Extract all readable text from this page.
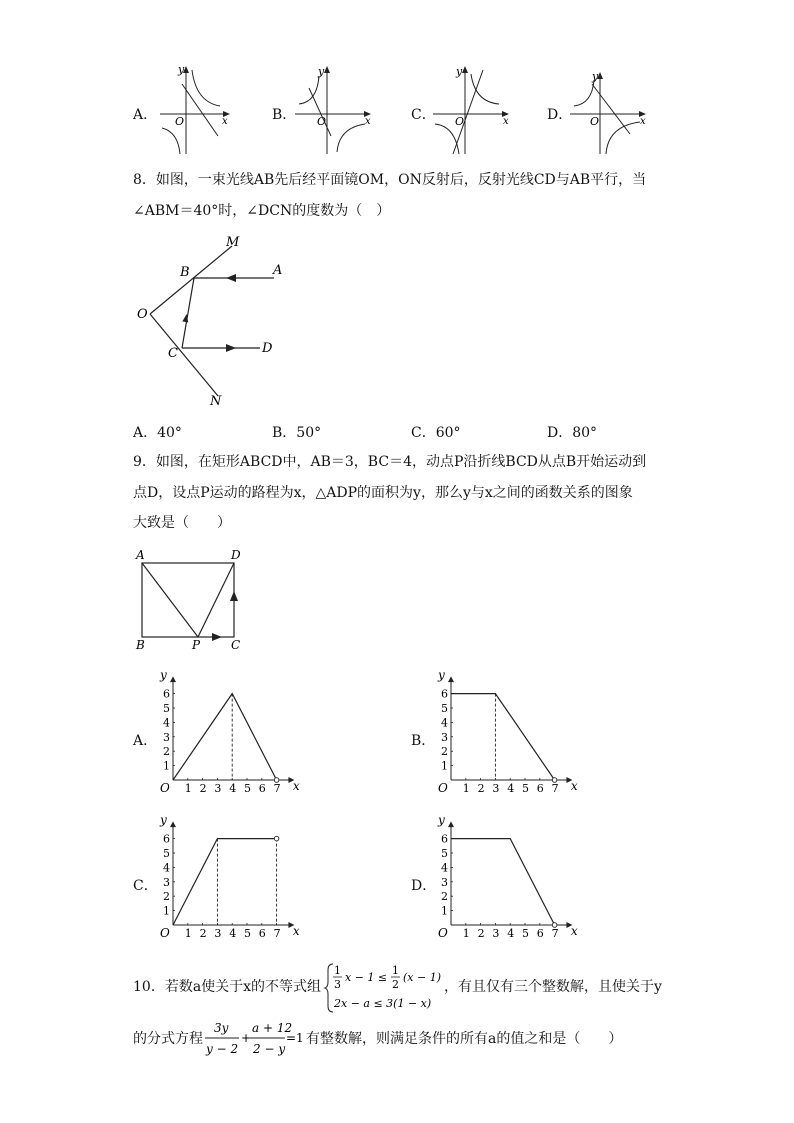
A．
y
x
O	B．
y
x
O	C．
y
x
O	D．
y
x
O
8．如图，一束光线AB先后经平面镜OM，ON反射后，反射光线CD与AB平行，当
∠ABM＝40°时，∠DCN的度数为（　）
M
A
B
O
C	D
N
A．40°	B．50°	C．60°	D．80°
9．如图，在矩形ABCD中，AB＝3，BC＝4，动点P沿折线BCD从点B开始运动到
点D，设点P运动的路程为x，△ADP的面积为y，那么y与x之间的函数关系的图象
大致是（　　）
A	D
B	P	C
A．
y
x
O 1 2 3 4 5 6 7
1
2
3
4
5
6
B．
y
x
O 1 2 3 4 5 6 7
1
2
3
4
5
6
C．
y
x
O 1 2 3 4 5 6 7
1
2
3
4
5
6
D．
y
x
O 1 2 3 4 5 6 7
1
2
3
4
5
6
10．若数a使关于x的不等式组
1
3
x − 1 ≤
1
2
(x − 1)
2x − a ≤ 3(1 − x)
，有且仅有三个整数解，且使关于y
的分式方程
3y
y − 2
+
a + 12
2 − y
=1 有整数解，则满足条件的所有a的值之和是（　　）
